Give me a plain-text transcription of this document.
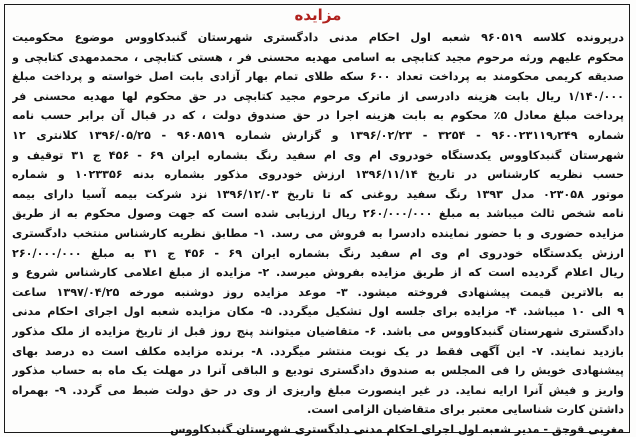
مزایده
درپرونده کلاسه ۹۶۰۵۱۹ شعبه اول احکام مدنی دادگستری شهرستان گنبدکاووس موضوع محکومیت
محکوم علیهم ورثه مرحوم مجید کتابچی به اسامی مهدیه محسنی فر ، هستی کتابچی ، محمدمهدی کتابچی و
صدیقه کریمی محکومند به پرداخت تعداد ۶۰۰ سکه طلای تمام بهار آزادی بابت اصل خواسته و پرداخت مبلغ
۱/۱۴۰/۰۰۰ ریال بابت هزینه دادرسی از ماترک مرحوم مجید کتابچی در حق محکوم لها مهدیه محسنی فر
پرداخت مبلغ معادل ۵٪ محکوم به بابت هزینه اجرا در حق صندوق دولت ، که در قبال آن برابر حسب نامه
شماره ۹۶۰۰۲۳۱۱۹٫۲۴۹ - ۳۲۵۴ - ۱۳۹۶/۰۲/۲۳ و گزارش شماره ۹۶۰۸۵۱۹ - ۱۳۹۶/۰۵/۲۵ کلانتری ۱۲
شهرستان گنبدکاووس یکدستگاه خودروی ام وی ام سفید رنگ بشماره ایران ۶۹ - ۴۵۶ ج ۳۱ توقیف و
حسب نظریه کارشناس در تاریخ ۱۳۹۶/۱۱/۱۴ ارزش خودروی مذکور بشماره بدنه ۱۰۲۳۳۵۶ و شماره
موتور ۰۲۳۰۵۸ مدل ۱۳۹۳ رنگ سفید روغنی که تا تاریخ ۱۳۹۶/۱۲/۰۳ نزد شرکت بیمه آسیا دارای بیمه
نامه شخص ثالث میباشد به مبلغ ۲۶۰/۰۰۰/۰۰۰ ریال ارزیابی شده است که جهت وصول محکوم به از طریق
مزایده حضوری و با حضور نماینده دادسرا به فروش می رسد. ۱- مطابق نظریه کارشناس منتخب دادگستری
ارزش یکدستگاه خودروی ام وی ام سفید رنگ بشماره ایران ۶۹ - ۴۵۶ ج ۳۱ به مبلغ ۲۶۰/۰۰۰/۰۰۰
ریال اعلام گردیده است که از طریق مزایده بفروش میرسد. ۲- مزایده از مبلغ اعلامی کارشناس شروع و
به بالاترین قیمت پیشنهادی فروخته میشود. ۳- موعد مزایده روز دوشنبه مورخه ۱۳۹۷/۰۴/۲۵ ساعت
۹ الی ۱۰ میباشد. ۴- مزایده برای جلسه اول تشکیل میگردد. ۵- مکان مزایده شعبه اول اجرای احکام مدنی
دادگستری شهرستان گنبدکاووس می باشد. ۶- متقاضیان میتوانند پنج روز قبل از تاریخ مزایده از ملک مذکور
بازدید نمایند. ۷- این آگهی فقط در یک نوبت منتشر میگردد. ۸- برنده مزایده مکلف است ده درصد بهای
پیشنهادی خویش را فی المجلس به صندوق دادگستری تودیع و الباقی آنرا در مهلت یک ماه به حساب مذکور
واریز و فیش آنرا ارایه نماید. در غیر اینصورت مبلغ واریزی از وی در حق دولت ضبط می گردد. ۹- بهمراه
داشتن کارت شناسایی معتبر برای متقاضیان الزامی است.
مغربی قوجق - مدیر شعبه اول اجرای احکام مدنی دادگستری شهرستان گنبدکاووس
